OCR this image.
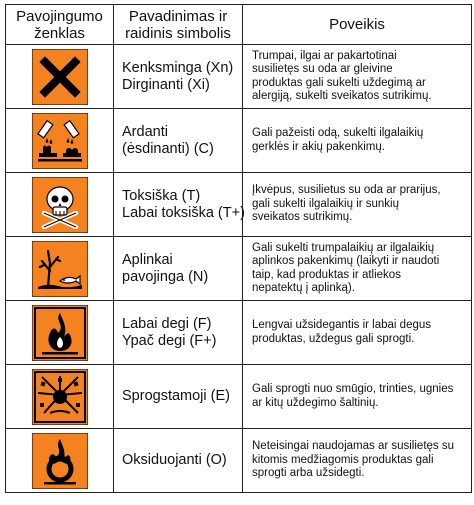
Pavojingumo
ženklas	Pavadinimas ir
raidinis simbolis	Poveikis

Kenksminga (Xn)
Dirginanti (Xi)	Trumpai, ilgai ar pakartotinai
susilietęs su oda ar gleivine
produktas gali sukelti uždegimą ar
alergiją, sukelti sveikatos sutrikimų.

Ardanti
(ėsdinanti) (C)	Gali pažeisti odą, sukelti ilgalaikių
gerklės ir akių pakenkimų.

Toksiška (T)
Labai toksiška (T+)	Įkvėpus, susilietus su oda ar prarijus,
gali sukelti ilgalaikių ir sunkių
sveikatos sutrikimų.

Aplinkai
pavojinga (N)	Gali sukelti trumpalaikių ar ilgalaikių
aplinkos pakenkimų (laikyti ir naudoti
taip, kad produktas ir atliekos
nepatektų į aplinką).

Labai degi (F)
Ypač degi (F+)	Lengvai užsidegantis ir labai degus
produktas, uždegus gali sprogti.

Sprogstamoji (E)	Gali sprogti nuo smūgio, trinties, ugnies
ar kitų uždegimo šaltinių.

Oksiduojanti (O)	Neteisingai naudojamas ar susilietęs su
kitomis medžiagomis produktas gali
sprogti arba užsidegti.
